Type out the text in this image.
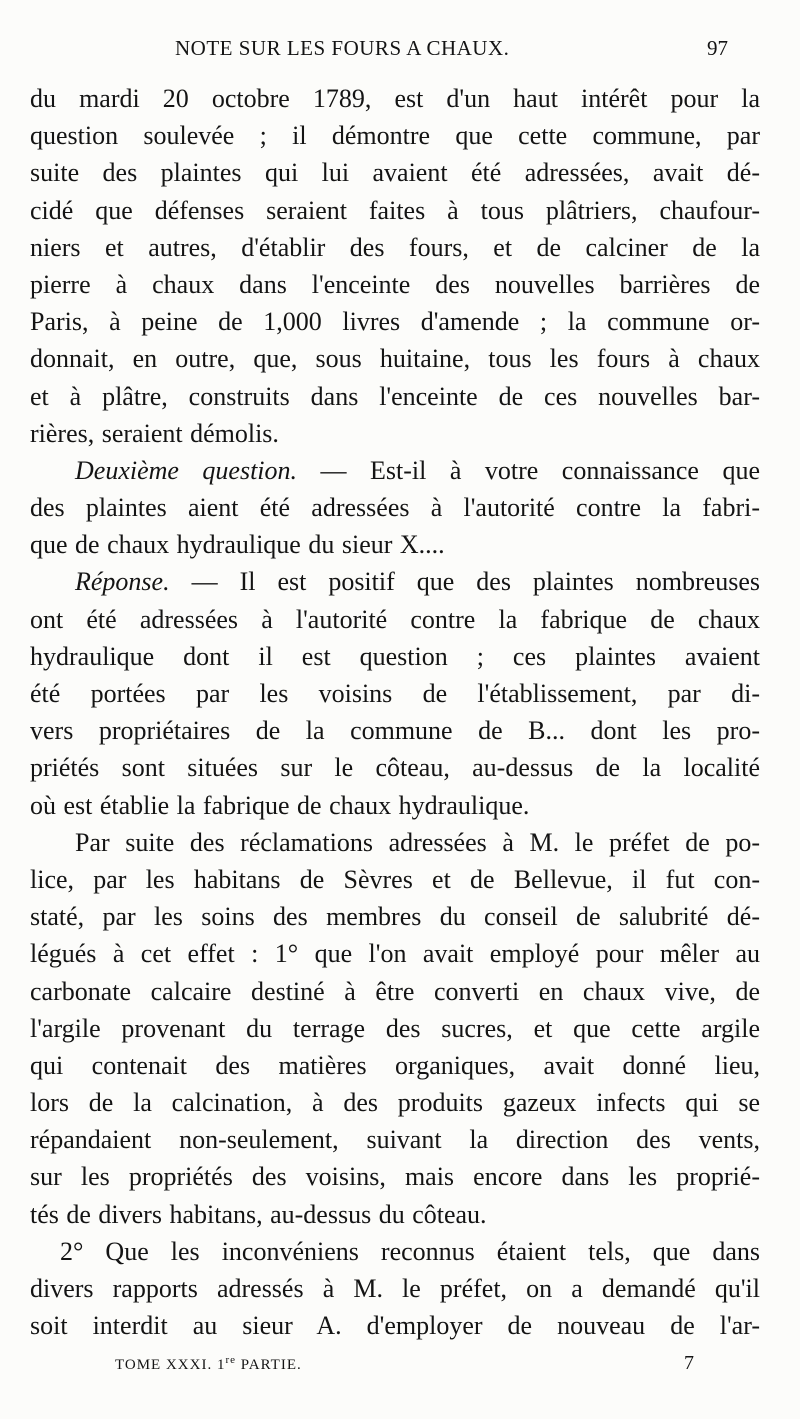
NOTE SUR LES FOURS A CHAUX.	97
du mardi 20 octobre 1789, est d'un haut intérêt pour la
question soulevée ; il démontre que cette commune, par
suite des plaintes qui lui avaient été adressées, avait dé-
cidé que défenses seraient faites à tous plâtriers, chaufour-
niers et autres, d'établir des fours, et de calciner de la
pierre à chaux dans l'enceinte des nouvelles barrières de
Paris, à peine de 1,000 livres d'amende ; la commune or-
donnait, en outre, que, sous huitaine, tous les fours à chaux
et à plâtre, construits dans l'enceinte de ces nouvelles bar-
rières, seraient démolis.
Deuxième question. — Est-il à votre connaissance que
des plaintes aient été adressées à l'autorité contre la fabri-
que de chaux hydraulique du sieur X....
Réponse. — Il est positif que des plaintes nombreuses
ont été adressées à l'autorité contre la fabrique de chaux
hydraulique dont il est question ; ces plaintes avaient
été portées par les voisins de l'établissement, par di-
vers propriétaires de la commune de B... dont les pro-
priétés sont situées sur le côteau, au-dessus de la localité
où est établie la fabrique de chaux hydraulique.
Par suite des réclamations adressées à M. le préfet de po-
lice, par les habitans de Sèvres et de Bellevue, il fut con-
staté, par les soins des membres du conseil de salubrité dé-
légués à cet effet : 1° que l'on avait employé pour mêler au
carbonate calcaire destiné à être converti en chaux vive, de
l'argile provenant du terrage des sucres, et que cette argile
qui contenait des matières organiques, avait donné lieu,
lors de la calcination, à des produits gazeux infects qui se
répandaient non-seulement, suivant la direction des vents,
sur les propriétés des voisins, mais encore dans les proprié-
tés de divers habitans, au-dessus du côteau.
2° Que les inconvéniens reconnus étaient tels, que dans
divers rapports adressés à M. le préfet, on a demandé qu'il
soit interdit au sieur A. d'employer de nouveau de l'ar-
TOME XXXI. 1re PARTIE.	7
